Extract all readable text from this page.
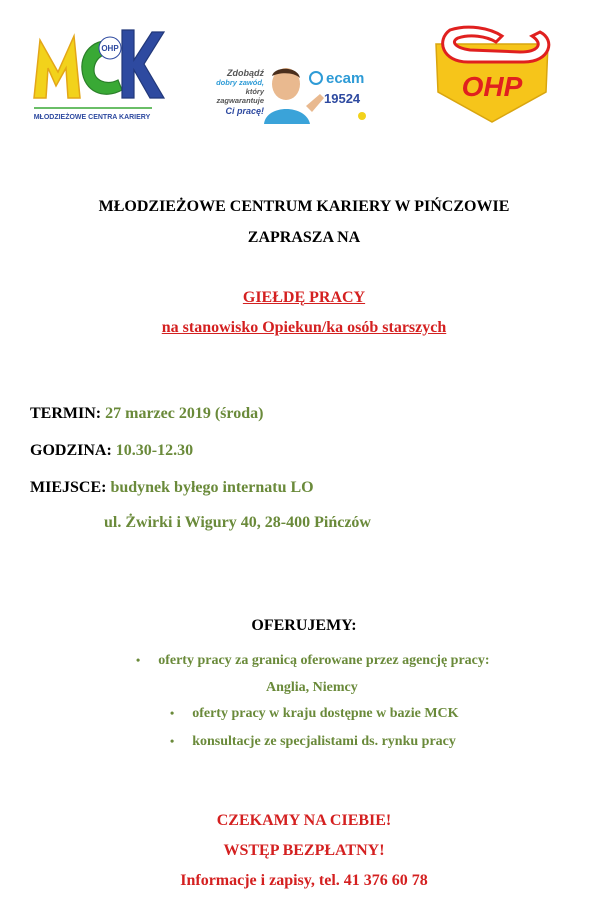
OHP
MŁODZIEŻOWE CENTRA KARIERY
Zdobądź
dobry zawód,
który
zagwarantuje
Ci pracę!
ecam
19524	OHP
MŁODZIEŻOWE CENTRUM KARIERY W PIŃCZOWIE
ZAPRASZA NA
GIEŁDĘ PRACY
na stanowisko Opiekun/ka osób starszych
TERMIN: 27 marzec 2019 (środa)
GODZINA: 10.30-12.30
MIEJSCE: budynek byłego internatu LO
ul. Żwirki i Wigury 40, 28-400 Pińczów
OFERUJEMY:
• oferty pracy za granicą oferowane przez agencję pracy:
Anglia, Niemcy
• oferty pracy w kraju dostępne w bazie MCK
• konsultacje ze specjalistami ds. rynku pracy
CZEKAMY NA CIEBIE!
WSTĘP BEZPŁATNY!
Informacje i zapisy, tel. 41 376 60 78
